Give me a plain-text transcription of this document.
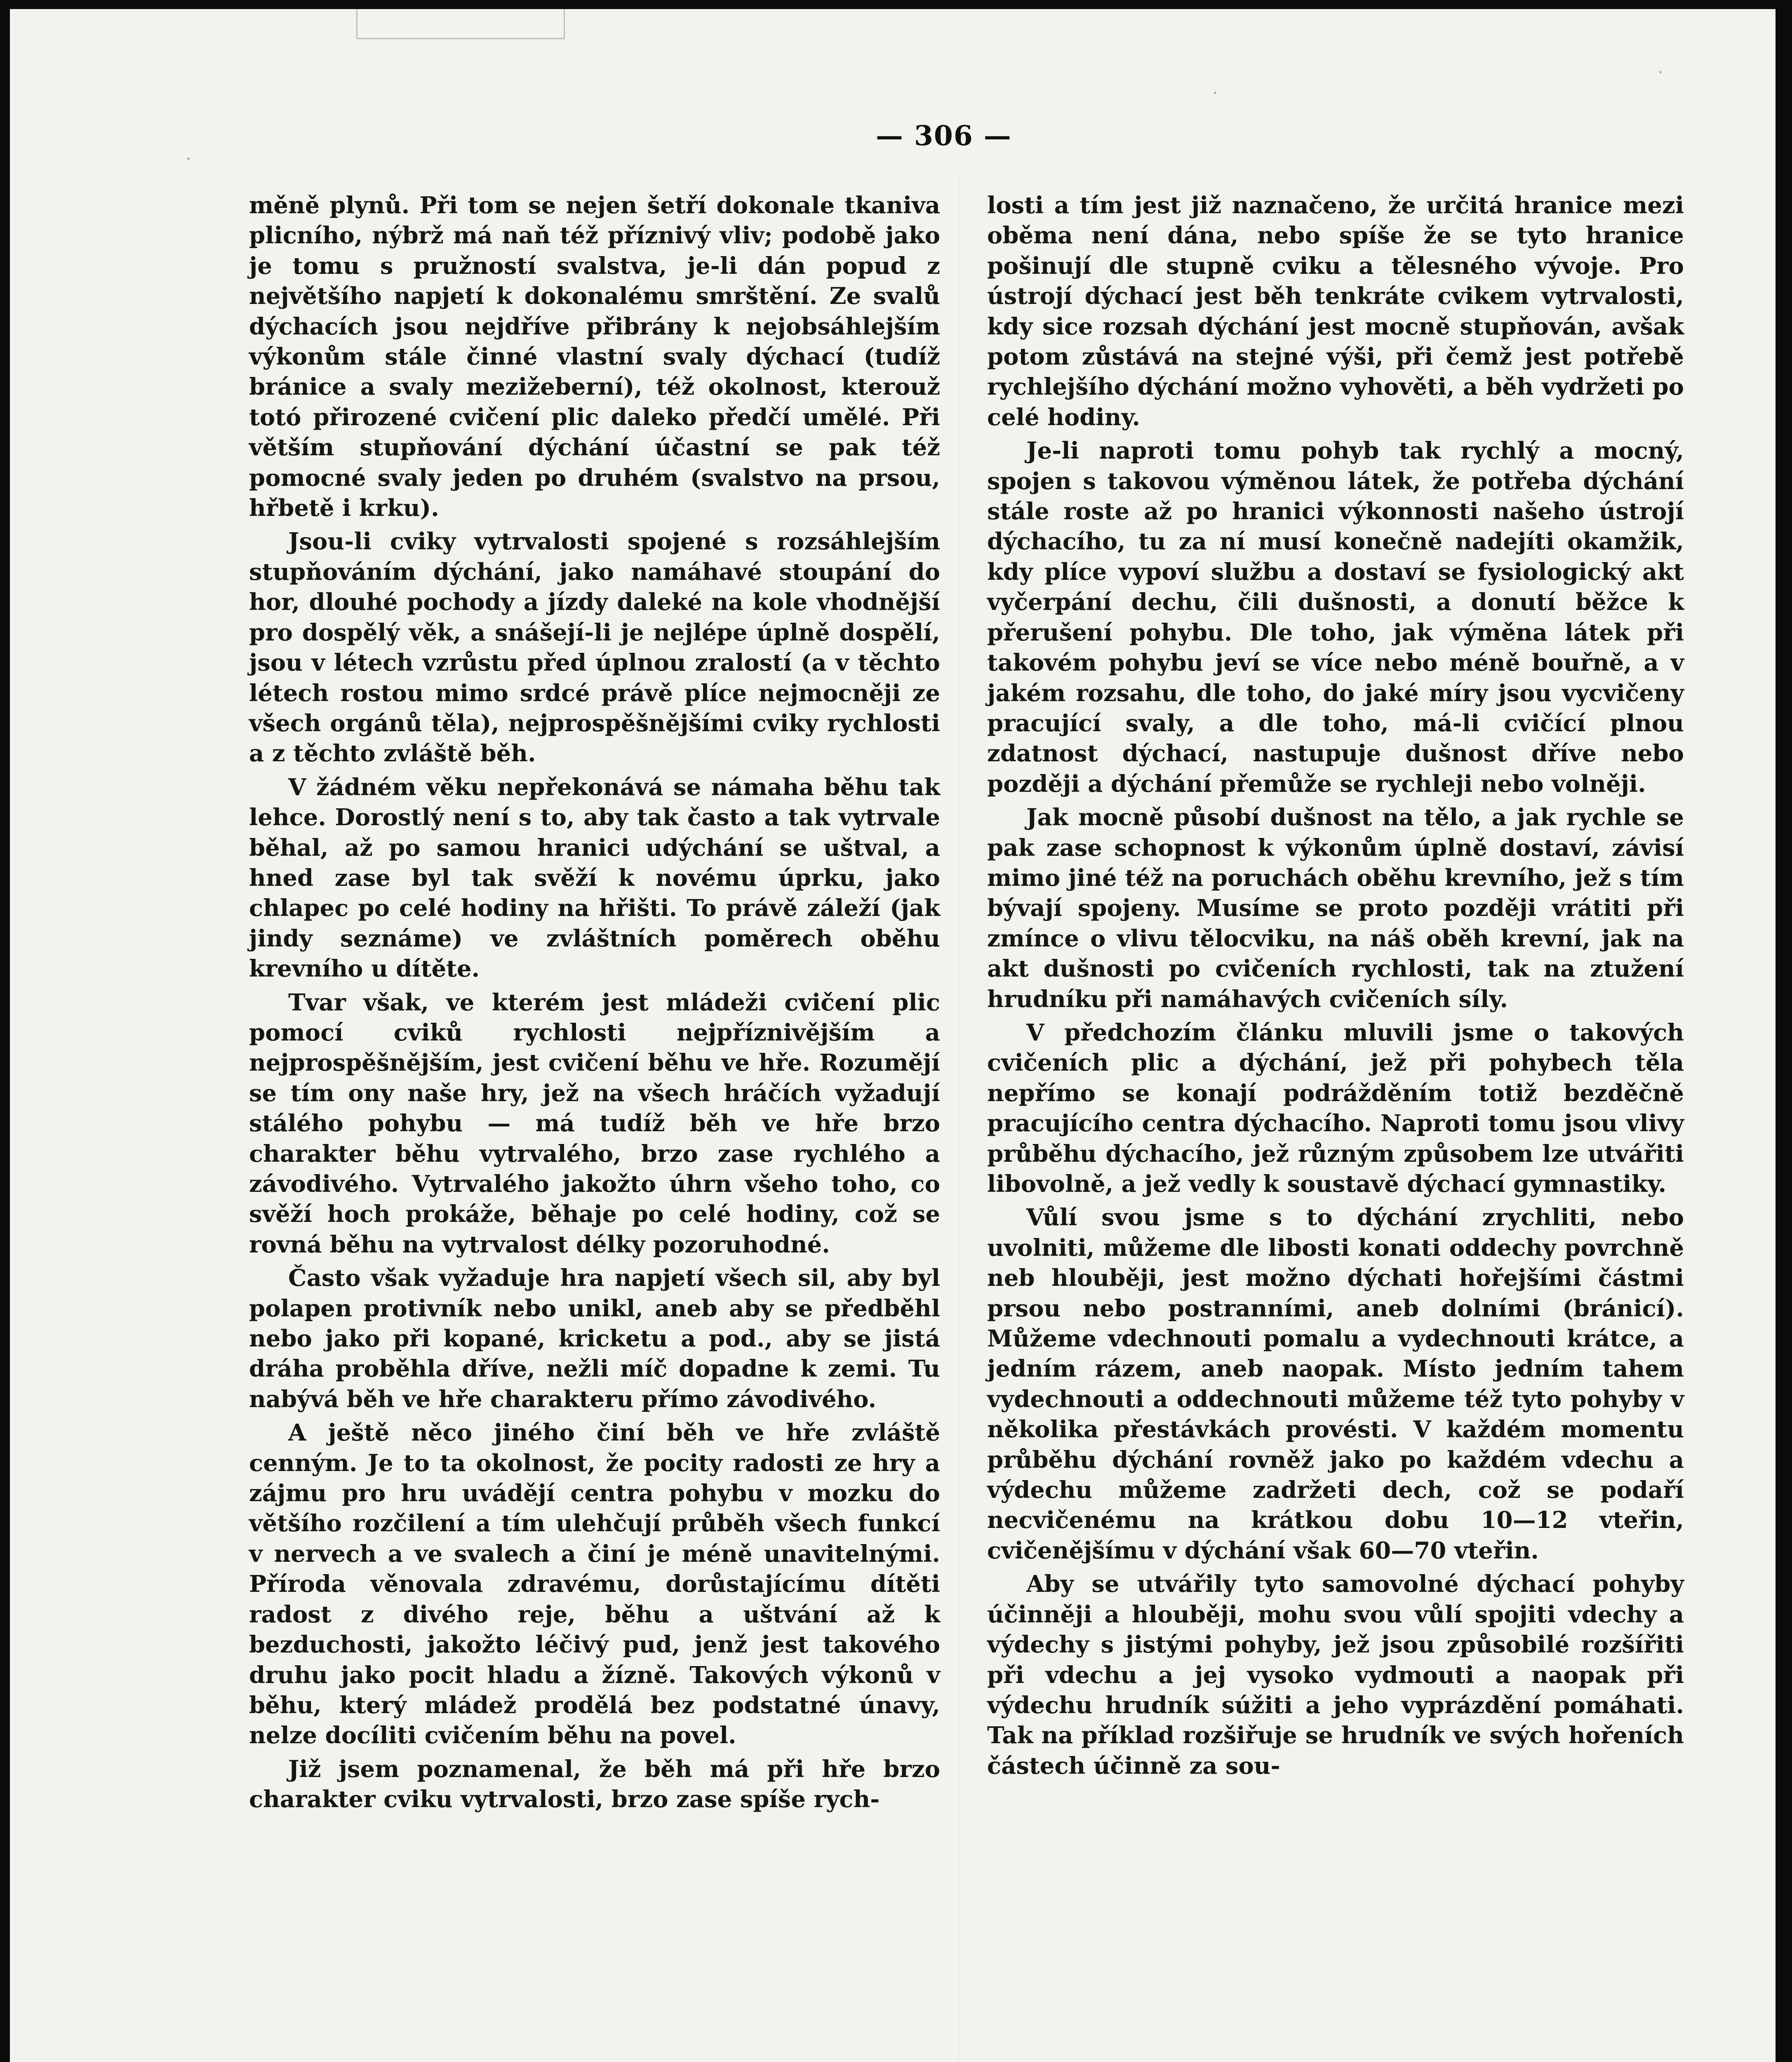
— 306 —

měně plynů. Při tom se nejen šetří dokonale tkaniva plicního, nýbrž má naň též příznivý vliv; podobě jako je tomu s pružností svalstva, je-li dán popud z největšího napjetí k dokonalému smrštění. Ze svalů dýchacích jsou nejdříve přibrány k nejobsáhlejším výkonům stále činné vlastní svaly dýchací (tudíž bránice a svaly mezižeberní), též okolnost, kterouž totó přirozené cvičení plic daleko předčí umělé. Při větším stupňování dýchání účastní se pak též pomocné svaly jeden po druhém (svalstvo na prsou, hřbetě i krku).

Jsou-li cviky vytrvalosti spojené s rozsáhlejším stupňováním dýchání, jako namáhavé stoupání do hor, dlouhé pochody a jízdy daleké na kole vhodnější pro dospělý věk, a snášejí-li je nejlépe úplně dospělí, jsou v létech vzrůstu před úplnou zralostí (a v těchto létech rostou mimo srdcé právě plíce nejmocněji ze všech orgánů těla), nejprospěšnějšími cviky rychlosti a z těchto zvláště běh.

V žádném věku nepřekonává se námaha běhu tak lehce. Dorostlý není s to, aby tak často a tak vytrvale běhal, až po samou hranici udýchání se uštval, a hned zase byl tak svěží k novému úprku, jako chlapec po celé hodiny na hřišti. To právě záleží (jak jindy seznáme) ve zvláštních poměrech oběhu krevního u dítěte.

Tvar však, ve kterém jest mládeži cvičení plic pomocí cviků rychlosti nejpříznivějším a nejprospěšnějším, jest cvičení běhu ve hře. Rozumějí se tím ony naše hry, jež na všech hráčích vyžadují stálého pohybu — má tudíž běh ve hře brzo charakter běhu vytrvalého, brzo zase rychlého a závodivého. Vytrvalého jakožto úhrn všeho toho, co svěží hoch prokáže, běhaje po celé hodiny, což se rovná běhu na vytrvalost délky pozoruhodné.

Často však vyžaduje hra napjetí všech sil, aby byl polapen protivník nebo unikl, aneb aby se předběhl nebo jako při kopané, kricketu a pod., aby se jistá dráha proběhla dříve, nežli míč dopadne k zemi. Tu nabývá běh ve hře charakteru přímo závodivého.

A ještě něco jiného činí běh ve hře zvláště cenným. Je to ta okolnost, že pocity radosti ze hry a zájmu pro hru uvádějí centra pohybu v mozku do většího rozčilení a tím ulehčují průběh všech funkcí v nervech a ve svalech a činí je méně unavitelnými. Příroda věnovala zdravému, dorůstajícímu dítěti radost z divého reje, běhu a uštvání až k bezduchosti, jakožto léčivý pud, jenž jest takového druhu jako pocit hladu a žízně. Takových výkonů v běhu, který mládež prodělá bez podstatné únavy, nelze docíliti cvičením běhu na povel.

Již jsem poznamenal, že běh má při hře brzo charakter cviku vytrvalosti, brzo zase spíše rych-

losti a tím jest již naznačeno, že určitá hranice mezi oběma není dána, nebo spíše že se tyto hranice pošinují dle stupně cviku a tělesného vývoje. Pro ústrojí dýchací jest běh tenkráte cvikem vytrvalosti, kdy sice rozsah dýchání jest mocně stupňován, avšak potom zůstává na stejné výši, při čemž jest potřebě rychlejšího dýchání možno vyhověti, a běh vydržeti po celé hodiny.

Je-li naproti tomu pohyb tak rychlý a mocný, spojen s takovou výměnou látek, že potřeba dýchání stále roste až po hranici výkonnosti našeho ústrojí dýchacího, tu za ní musí konečně nadejíti okamžik, kdy plíce vypoví službu a dostaví se fysiologický akt vyčerpání dechu, čili dušnosti, a donutí běžce k přerušení pohybu. Dle toho, jak výměna látek při takovém pohybu jeví se více nebo méně bouřně, a v jakém rozsahu, dle toho, do jaké míry jsou vycvičeny pracující svaly, a dle toho, má-li cvičící plnou zdatnost dýchací, nastupuje dušnost dříve nebo později a dýchání přemůže se rychleji nebo volněji.

Jak mocně působí dušnost na tělo, a jak rychle se pak zase schopnost k výkonům úplně dostaví, závisí mimo jiné též na poruchách oběhu krevního, jež s tím bývají spojeny. Musíme se proto později vrátiti při zmínce o vlivu tělocviku, na náš oběh krevní, jak na akt dušnosti po cvičeních rychlosti, tak na ztužení hrudníku při namáhavých cvičeních síly.

V předchozím článku mluvili jsme o takových cvičeních plic a dýchání, jež při pohybech těla nepřímo se konají podrážděním totiž bezděčně pracujícího centra dýchacího. Naproti tomu jsou vlivy průběhu dýchacího, jež různým způsobem lze utvářiti libovolně, a jež vedly k soustavě dýchací gymnastiky.

Vůlí svou jsme s to dýchání zrychliti, nebo uvolniti, můžeme dle libosti konati oddechy povrchně neb hlouběji, jest možno dýchati hořejšími částmi prsou nebo postranními, aneb dolními (bránicí). Můžeme vdechnouti pomalu a vydechnouti krátce, a jedním rázem, aneb naopak. Místo jedním tahem vydechnouti a oddechnouti můžeme též tyto pohyby v několika přestávkách provésti. V každém momentu průběhu dýchání rovněž jako po každém vdechu a výdechu můžeme zadržeti dech, což se podaří necvičenému na krátkou dobu 10—12 vteřin, cvičenějšímu v dýchání však 60—70 vteřin.

Aby se utvářily tyto samovolné dýchací pohyby účinněji a hlouběji, mohu svou vůlí spojiti vdechy a výdechy s jistými pohyby, jež jsou způsobilé rozšířiti při vdechu a jej vysoko vydmouti a naopak při výdechu hrudník súžiti a jeho vyprázdění pomáhati. Tak na příklad rozšiřuje se hrudník ve svých hořeních částech účinně za sou-
